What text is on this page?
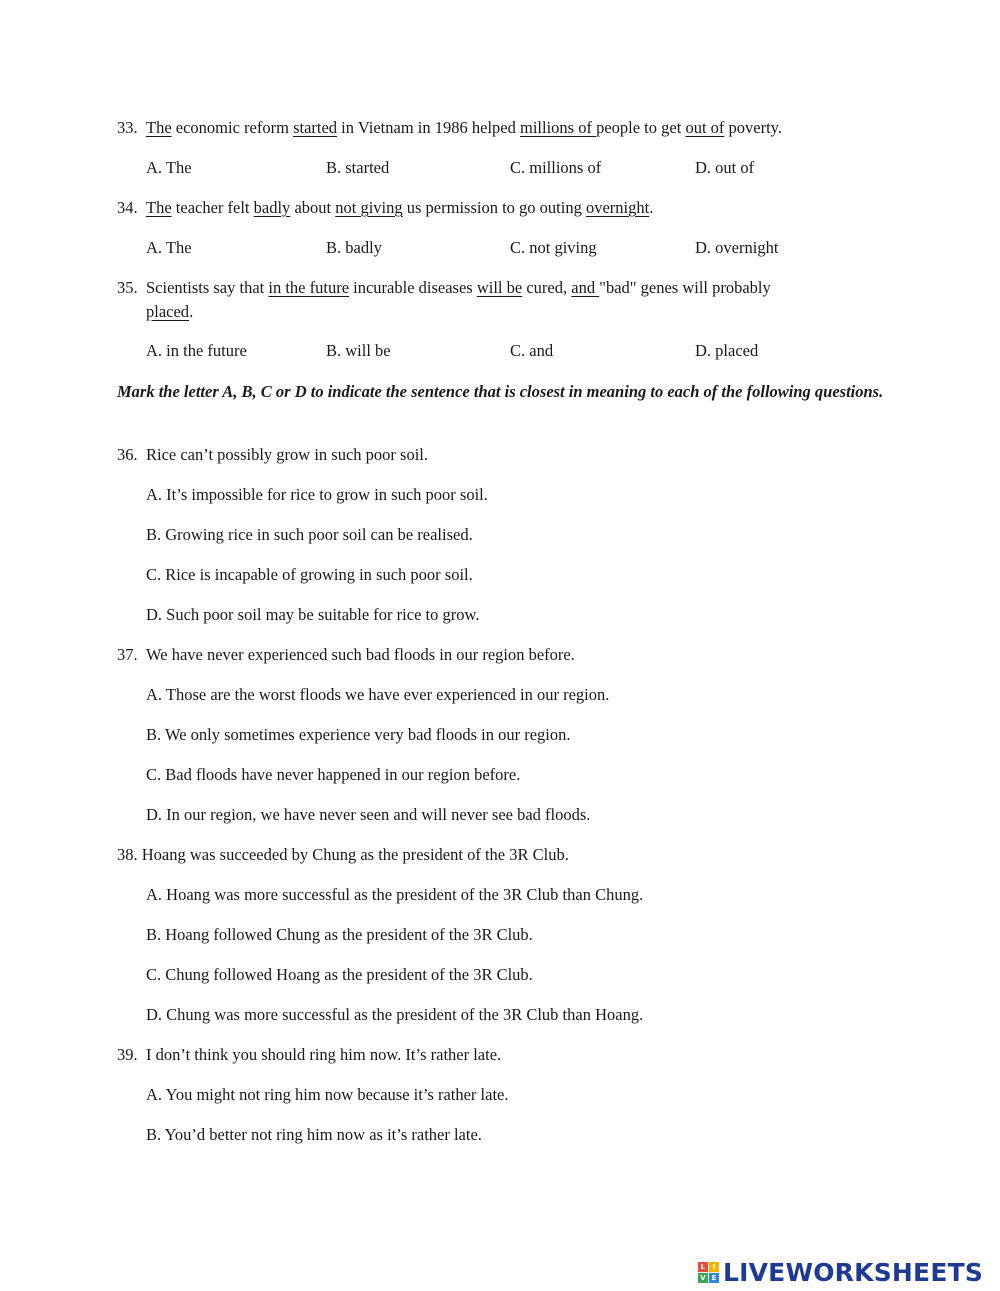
33. The economic reform started in Vietnam in 1986 helped millions of people to get out of poverty.
A. The	B. started	C. millions of	D. out of
34. The teacher felt badly about not giving us permission to go outing overnight.
A. The	B. badly	C. not giving	D. overnight
35. Scientists say that in the future incurable diseases will be cured, and "bad" genes will probably
placed.
A. in the future	B. will be	C. and	D. placed
Mark the letter A, B, C or D to indicate the sentence that is closest in meaning to each of the following questions.
36. Rice can’t possibly grow in such poor soil.
A. It’s impossible for rice to grow in such poor soil.
B. Growing rice in such poor soil can be realised.
C. Rice is incapable of growing in such poor soil.
D. Such poor soil may be suitable for rice to grow.
37. We have never experienced such bad floods in our region before.
A. Those are the worst floods we have ever experienced in our region.
B. We only sometimes experience very bad floods in our region.
C. Bad floods have never happened in our region before.
D. In our region, we have never seen and will never see bad floods.
38. Hoang was succeeded by Chung as the president of the 3R Club.
A. Hoang was more successful as the president of the 3R Club than Chung.
B. Hoang followed Chung as the president of the 3R Club.
C. Chung followed Hoang as the president of the 3R Club.
D. Chung was more successful as the president of the 3R Club than Hoang.
39. I don’t think you should ring him now. It’s rather late.
A. You might not ring him now because it’s rather late.
B. You’d better not ring him now as it’s rather late.
L	I
V E LIVEWORKSHEETS
